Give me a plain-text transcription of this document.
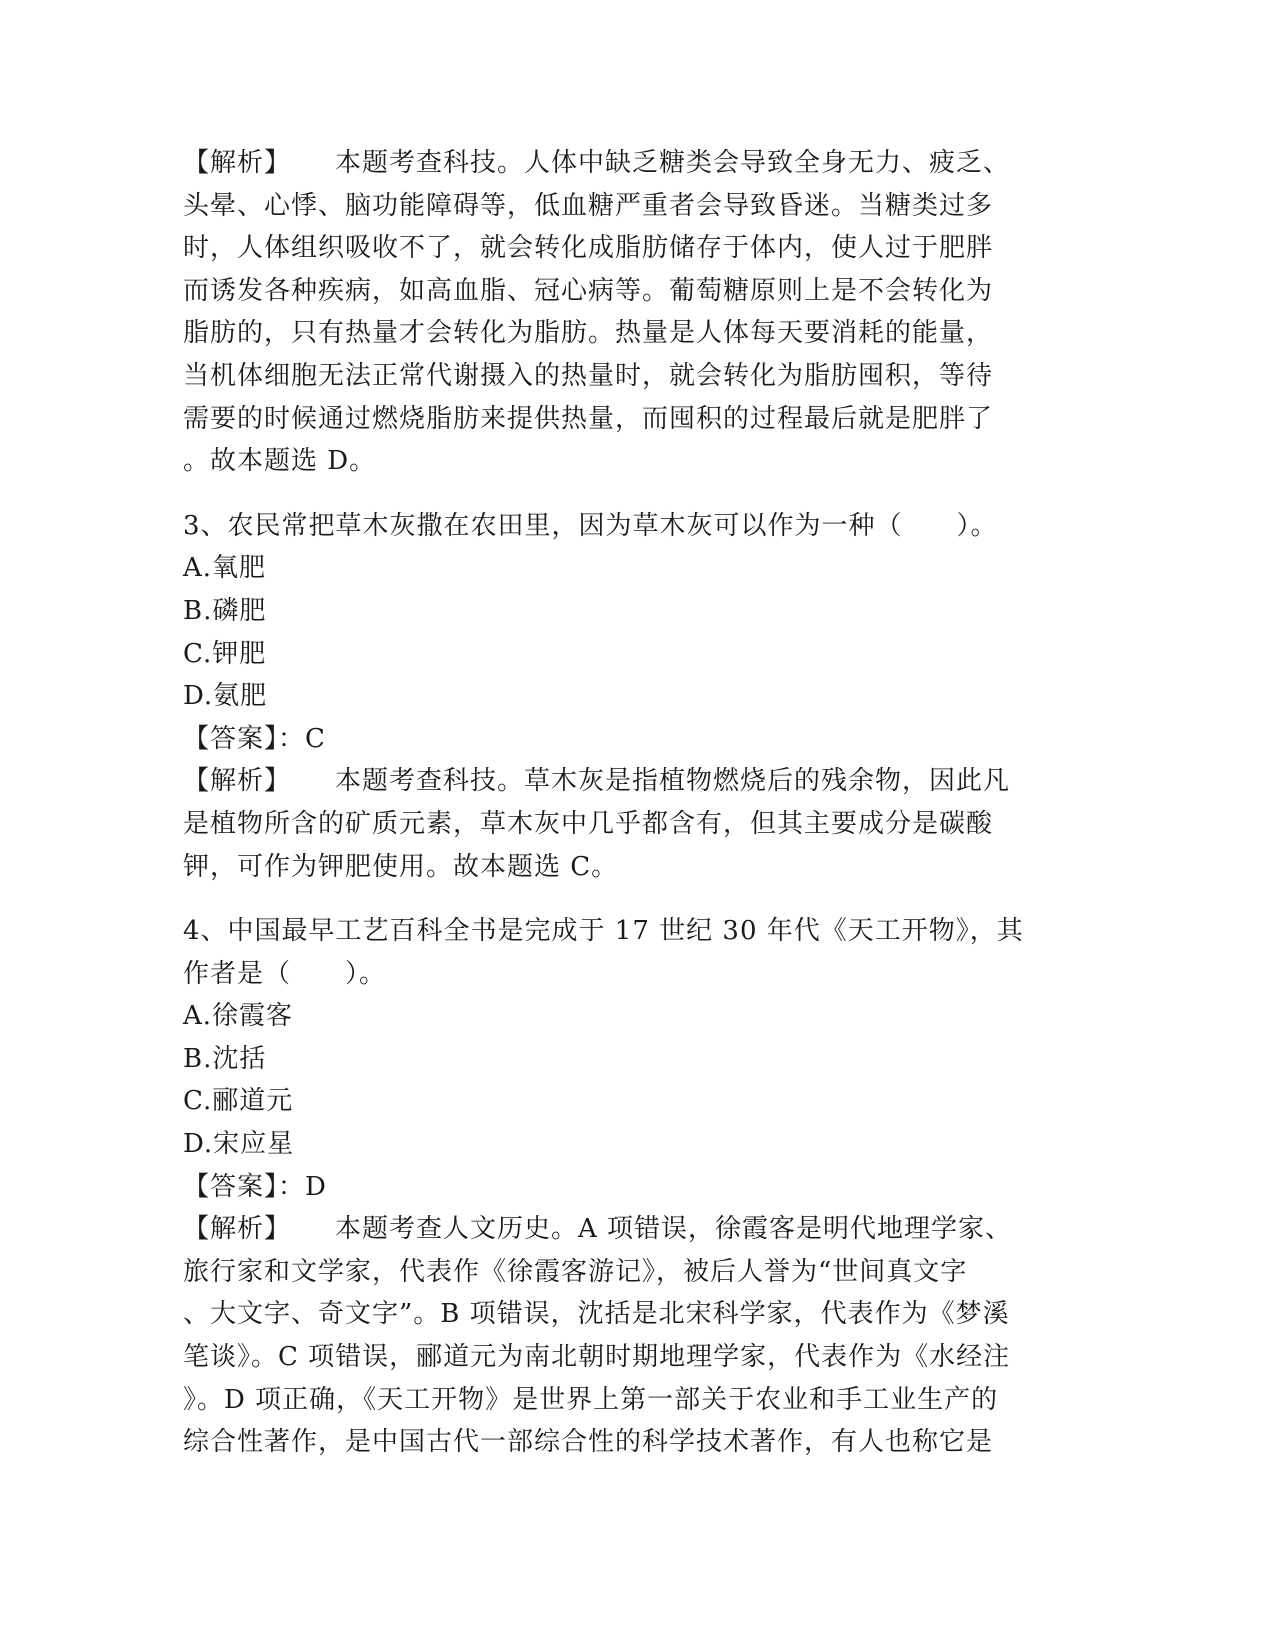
【解析】 本题考查科技。人体中缺乏糖类会导致全身无力、疲乏、
头晕、心悸、脑功能障碍等，低血糖严重者会导致昏迷。当糖类过多
时，人体组织吸收不了，就会转化成脂肪储存于体内，使人过于肥胖
而诱发各种疾病，如高血脂、冠心病等。葡萄糖原则上是不会转化为
脂肪的，只有热量才会转化为脂肪。热量是人体每天要消耗的能量，
当机体细胞无法正常代谢摄入的热量时，就会转化为脂肪囤积，等待
需要的时候通过燃烧脂肪来提供热量，而囤积的过程最后就是肥胖了
。故本题选 D。
3、农民常把草木灰撒在农田里，因为草木灰可以作为一种（　　）。
A.氧肥
B.磷肥
C.钾肥
D.氨肥
【答案】：C
【解析】 本题考查科技。草木灰是指植物燃烧后的残余物，因此凡
是植物所含的矿质元素，草木灰中几乎都含有，但其主要成分是碳酸
钾，可作为钾肥使用。故本题选 C。
4、中国最早工艺百科全书是完成于 17 世纪 30 年代《天工开物》，其
作者是（　　）。
A.徐霞客
B.沈括
C.郦道元
D.宋应星
【答案】：D
【解析】 本题考查人文历史。A 项错误，徐霞客是明代地理学家、
旅行家和文学家，代表作《徐霞客游记》，被后人誉为“世间真文字
、大文字、奇文字”。B 项错误，沈括是北宋科学家，代表作为《梦溪
笔谈》。C 项错误，郦道元为南北朝时期地理学家，代表作为《水经注
》。D 项正确，《天工开物》是世界上第一部关于农业和手工业生产的
综合性著作，是中国古代一部综合性的科学技术著作，有人也称它是
